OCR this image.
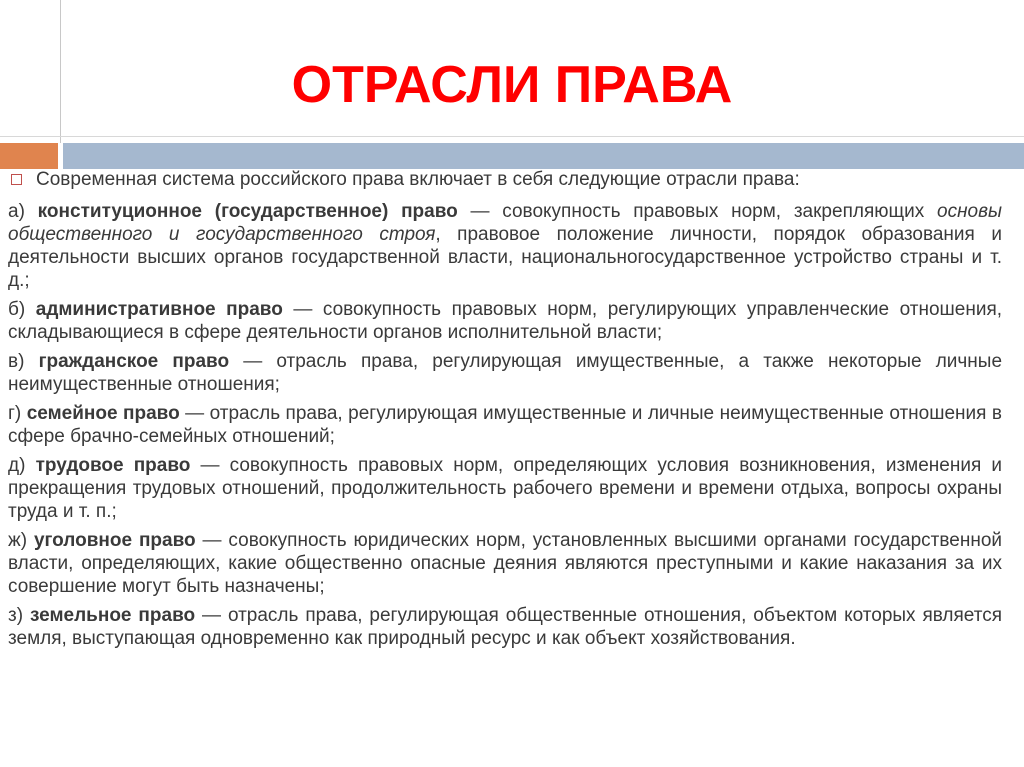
ОТРАСЛИ ПРАВА
Современная система российского права включает в себя следующие отрасли права:

а) конституционное (государственное) право — совокупность правовых норм, закрепляющих основы общественного и государственного строя, правовое положение личности, порядок образования и деятельности высших органов государственной власти, национальногосударственное устройство страны и т. д.;

б) административное право — совокупность правовых норм, регулирующих управленческие отношения, складывающиеся в сфере деятельности органов исполнительной власти;

в) гражданское право — отрасль права, регулирующая имущественные, а также некоторые личные неимущественные отношения;

г) семейное право — отрасль права, регулирующая имущественные и личные неимущественные отношения в сфере брачно-семейных отношений;

д) трудовое право — совокупность правовых норм, определяющих условия возникновения, изменения и прекращения трудовых отношений, продолжительность рабочего времени и времени отдыха, вопросы охраны труда и т. п.;

ж) уголовное право — совокупность юридических норм, установленных высшими органами государственной власти, определяющих, какие общественно опасные деяния являются преступными и какие наказания за их совершение могут быть назначены;

з) земельное право — отрасль права, регулирующая общественные отношения, объектом которых является земля, выступающая одновременно как природный ресурс и как объект хозяйствования.
